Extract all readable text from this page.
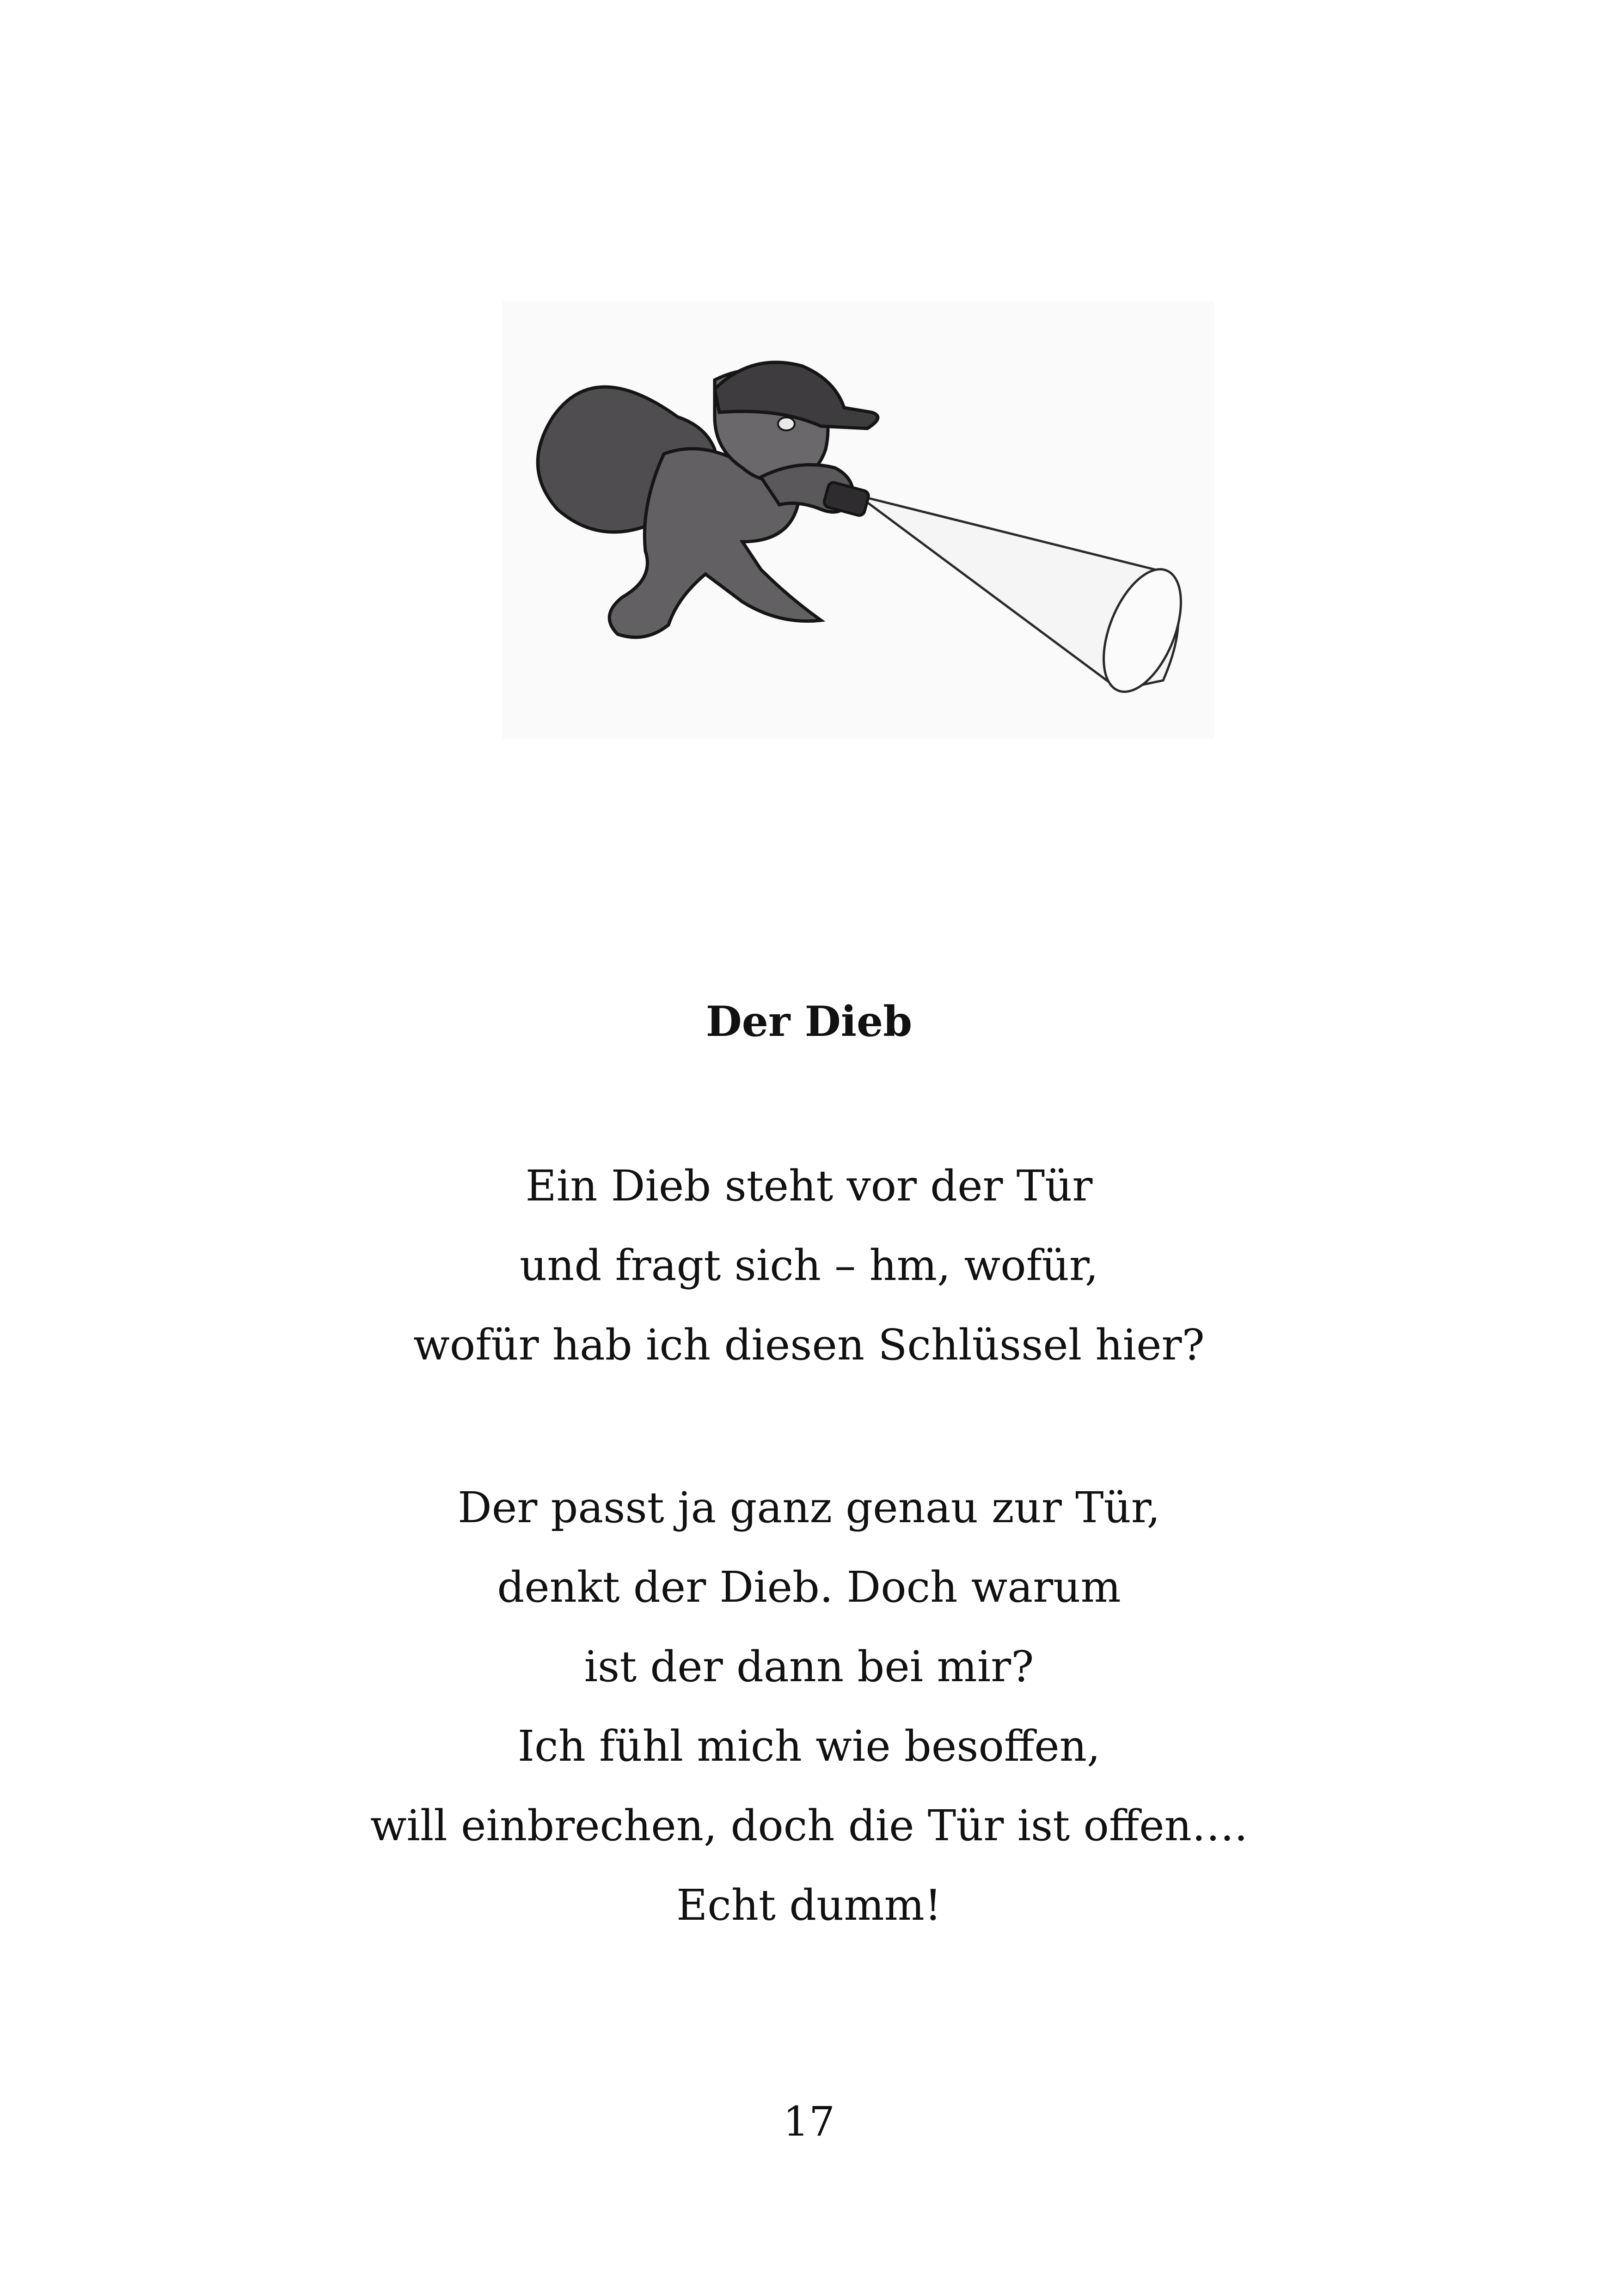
Der Dieb
Ein Dieb steht vor der Tür
und fragt sich – hm, wofür,
wofür hab ich diesen Schlüssel hier?
Der passt ja ganz genau zur Tür,
denkt der Dieb. Doch warum
ist der dann bei mir?
Ich fühl mich wie besoffen,
will einbrechen, doch die Tür ist offen….
Echt dumm!
17
